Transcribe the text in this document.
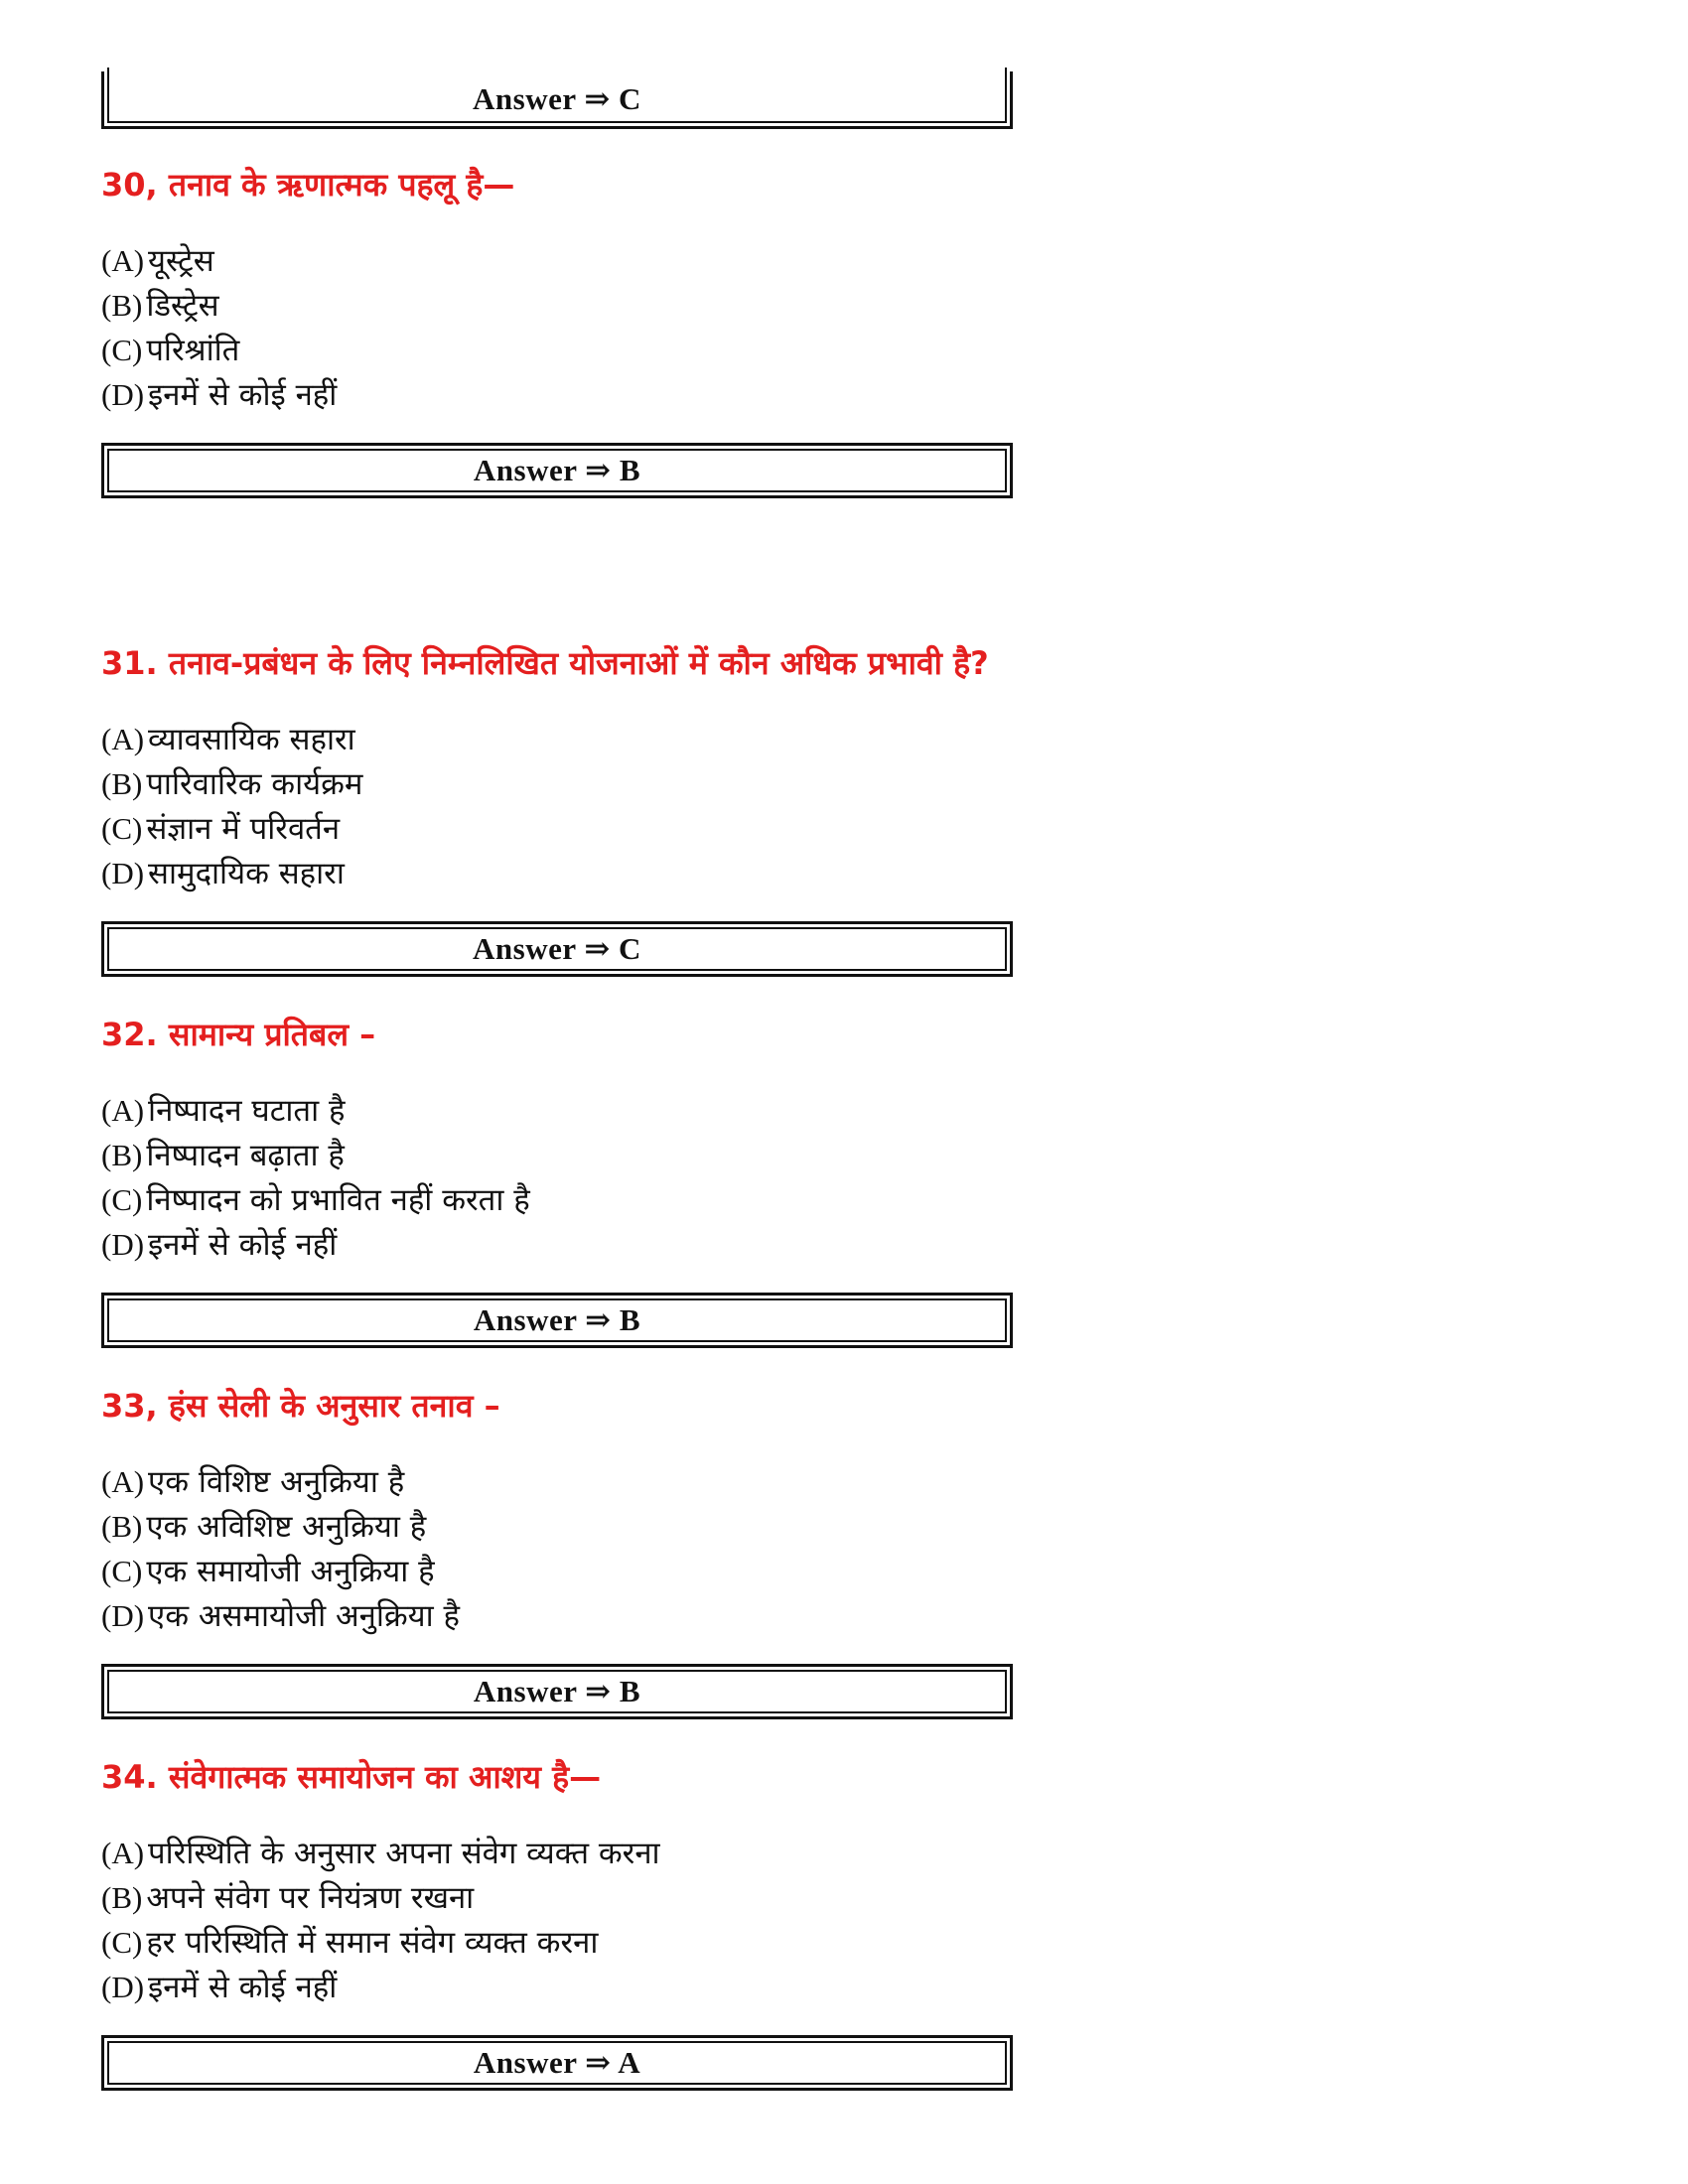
Answer ⇒ C
30, तनाव के ऋणात्मक पहलू है—
(A) यूस्ट्रेस
(B) डिस्ट्रेस
(C) परिश्रांति
(D) इनमें से कोई नहीं
Answer ⇒ B
31. तनाव-प्रबंधन के लिए निम्नलिखित योजनाओं में कौन अधिक प्रभावी है?
(A) व्यावसायिक सहारा
(B) पारिवारिक कार्यक्रम
(C) संज्ञान में परिवर्तन
(D) सामुदायिक सहारा
Answer ⇒ C
32. सामान्य प्रतिबल –
(A) निष्पादन घटाता है
(B) निष्पादन बढ़ाता है
(C) निष्पादन को प्रभावित नहीं करता है
(D) इनमें से कोई नहीं
Answer ⇒ B
33, हंस सेली के अनुसार तनाव –
(A) एक विशिष्ट अनुक्रिया है
(B) एक अविशिष्ट अनुक्रिया है
(C) एक समायोजी अनुक्रिया है
(D) एक असमायोजी अनुक्रिया है
Answer ⇒ B
34. संवेगात्मक समायोजन का आशय है—
(A) परिस्थिति के अनुसार अपना संवेग व्यक्त करना
(B) अपने संवेग पर नियंत्रण रखना
(C) हर परिस्थिति में समान संवेग व्यक्त करना
(D) इनमें से कोई नहीं
Answer ⇒ A
